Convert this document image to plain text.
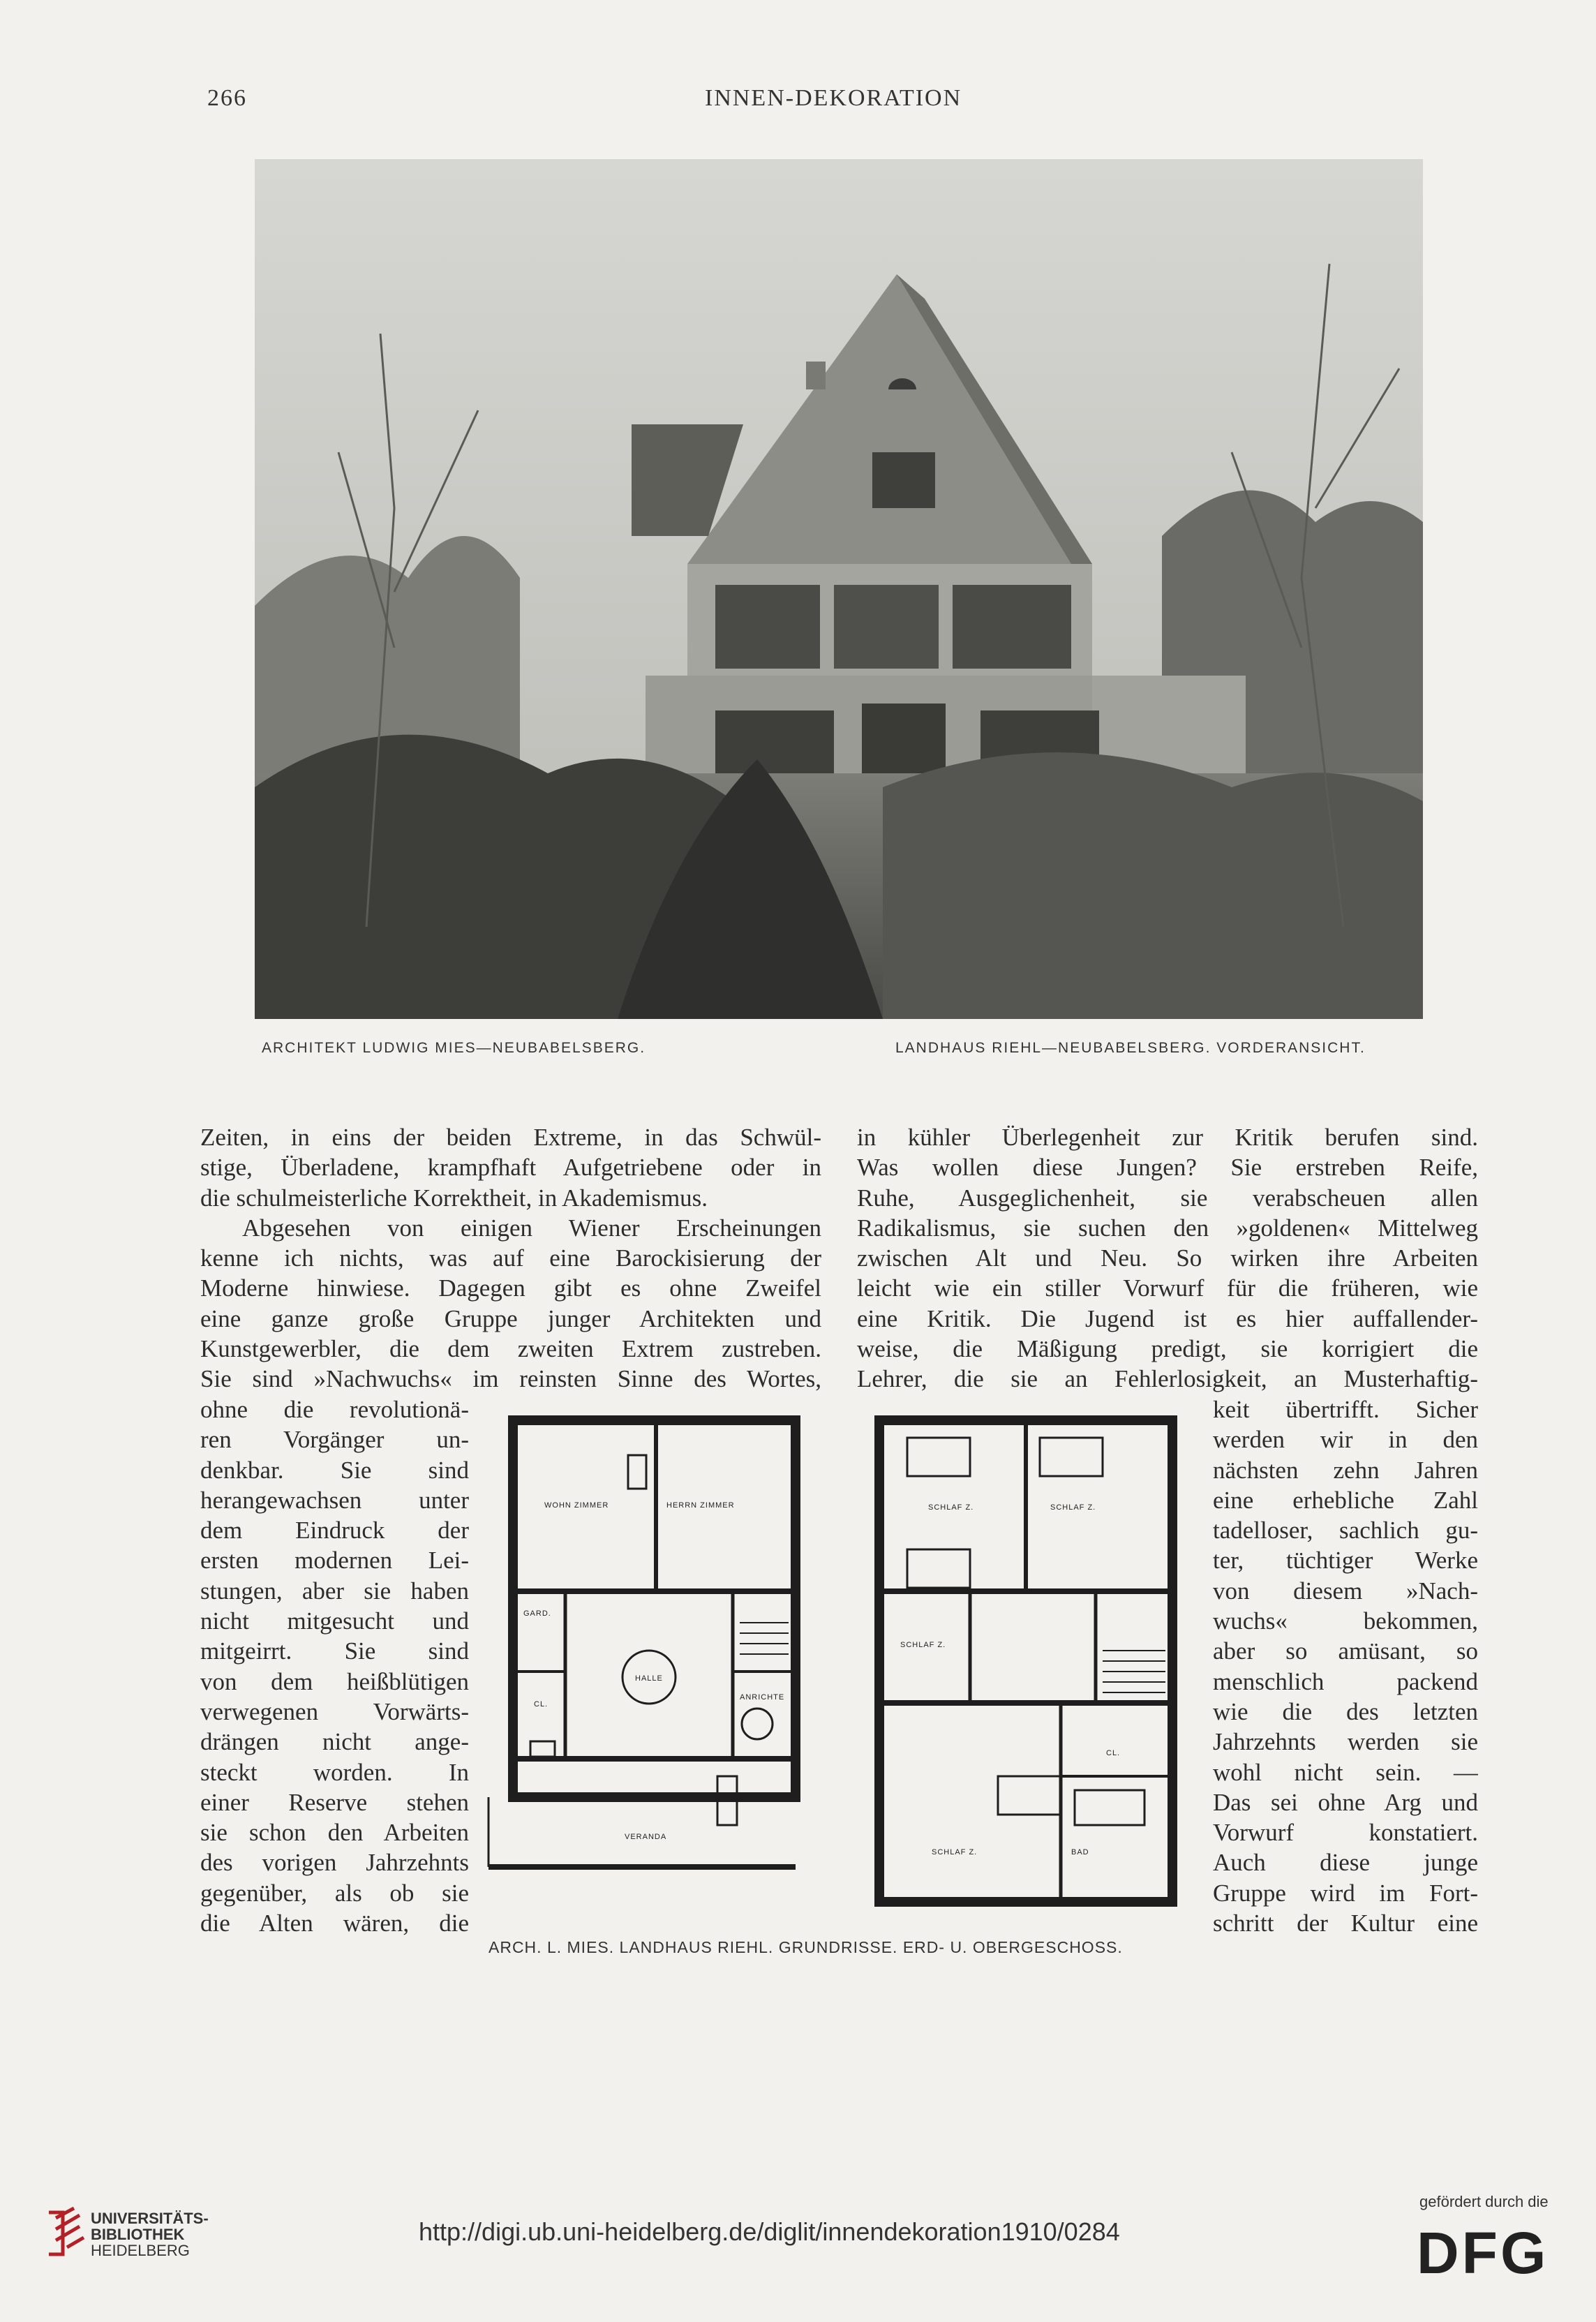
266	INNEN-DEKORATION
ARCHITEKT LUDWIG MIES—NEUBABELSBERG.	LANDHAUS RIEHL—NEUBABELSBERG. VORDERANSICHT.
Zeiten, in eins der beiden Extreme, in das Schwül-
stige, Überladene, krampfhaft Aufgetriebene oder in
die schulmeisterliche Korrektheit, in Akademismus.
Abgesehen von einigen Wiener Erscheinungen
kenne ich nichts, was auf eine Barockisierung der
Moderne hinwiese. Dagegen gibt es ohne Zweifel
eine ganze große Gruppe junger Architekten und
Kunstgewerbler, die dem zweiten Extrem zustreben.
Sie sind »Nachwuchs« im reinsten Sinne des Wortes,
ohne die revolutionä-
ren Vorgänger un-
denkbar. Sie sind
herangewachsen unter
dem Eindruck der
ersten modernen Lei-
stungen, aber sie haben
nicht mitgesucht und
mitgeirrt. Sie sind
von dem heißblütigen
verwegenen Vorwärts-
drängen nicht ange-
steckt worden. In
einer Reserve stehen
sie schon den Arbeiten
des vorigen Jahrzehnts
gegenüber, als ob sie
die Alten wären, die
in kühler Überlegenheit zur Kritik berufen sind.
Was wollen diese Jungen? Sie erstreben Reife,
Ruhe, Ausgeglichenheit, sie verabscheuen allen
Radikalismus, sie suchen den »goldenen« Mittelweg
zwischen Alt und Neu. So wirken ihre Arbeiten
leicht wie ein stiller Vorwurf für die früheren, wie
eine Kritik. Die Jugend ist es hier auffallender-
weise, die Mäßigung predigt, sie korrigiert die
Lehrer, die sie an Fehlerlosigkeit, an Musterhaftig-
keit übertrifft. Sicher
werden wir in den
nächsten zehn Jahren
eine erhebliche Zahl
tadelloser, sachlich gu-
ter, tüchtiger Werke
von diesem »Nach-
wuchs« bekommen,
aber so amüsant, so
menschlich packend
wie die des letzten
Jahrzehnts werden sie
wohl nicht sein. —
Das sei ohne Arg und
Vorwurf konstatiert.
Auch diese junge
Gruppe wird im Fort-
schritt der Kultur eine
WOHN ZIMMER	HERRN ZIMMER
GARD.
CL.
HALLE
ANRICHTE
VERANDA
SCHLAF Z.	SCHLAF Z.
SCHLAF Z.
SCHLAF Z.	BAD
CL.
ARCH. L. MIES. LANDHAUS RIEHL. GRUNDRISSE. ERD- U. OBERGESCHOSS.
UNIVERSITÄTS-
BIBLIOTHEK
HEIDELBERG
http://digi.ub.uni-heidelberg.de/diglit/innendekoration1910/0284
gefördert durch die
DFG
